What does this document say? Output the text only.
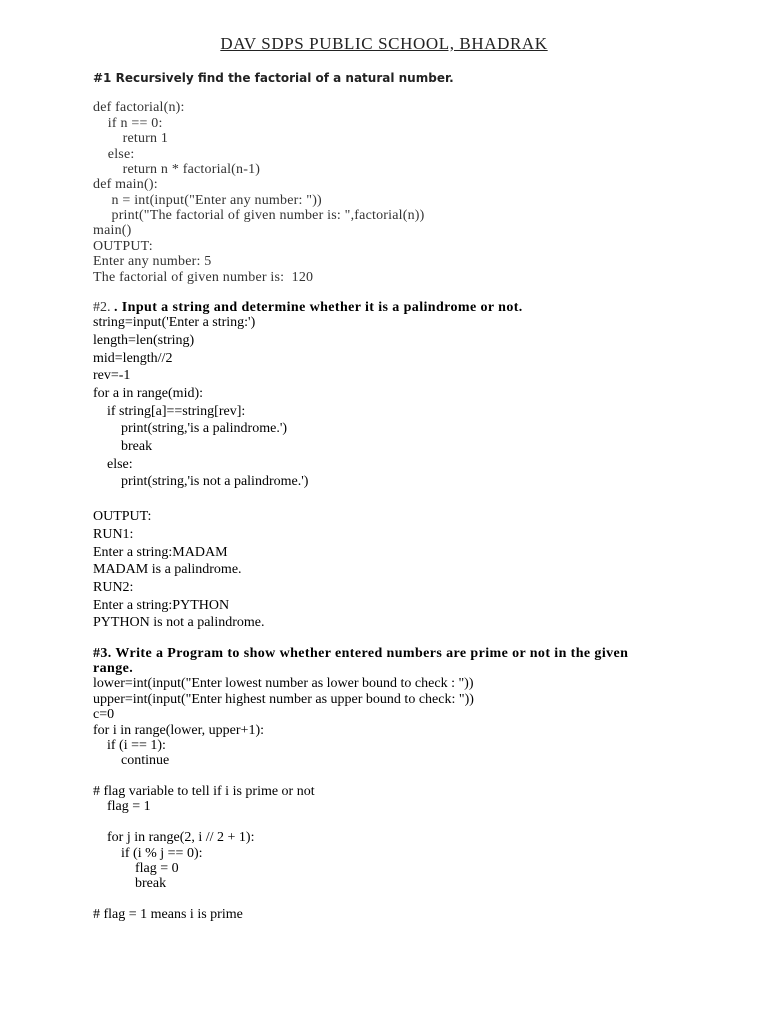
DAV SDPS PUBLIC SCHOOL, BHADRAK
#1 Recursively find the factorial of a natural number.
def factorial(n):
if n == 0:
return 1
else:
return n * factorial(n-1)
def main():
n = int(input("Enter any number: "))
print("The factorial of given number is: ",factorial(n))
main()
OUTPUT:
Enter any number: 5
The factorial of given number is:  120
#2. . Input a string and determine whether it is a palindrome or not.
string=input('Enter a string:')
length=len(string)
mid=length//2
rev=-1
for a in range(mid):
if string[a]==string[rev]:
print(string,'is a palindrome.')
break
else:
print(string,'is not a palindrome.')
OUTPUT:
RUN1:
Enter a string:MADAM
MADAM is a palindrome.
RUN2:
Enter a string:PYTHON
PYTHON is not a palindrome.
#3. Write a Program to show whether entered numbers are prime or not in the given
range.
lower=int(input("Enter lowest number as lower bound to check : "))
upper=int(input("Enter highest number as upper bound to check: "))
c=0
for i in range(lower, upper+1):
if (i == 1):
continue
# flag variable to tell if i is prime or not
flag = 1
for j in range(2, i // 2 + 1):
if (i % j == 0):
flag = 0
break
# flag = 1 means i is prime
